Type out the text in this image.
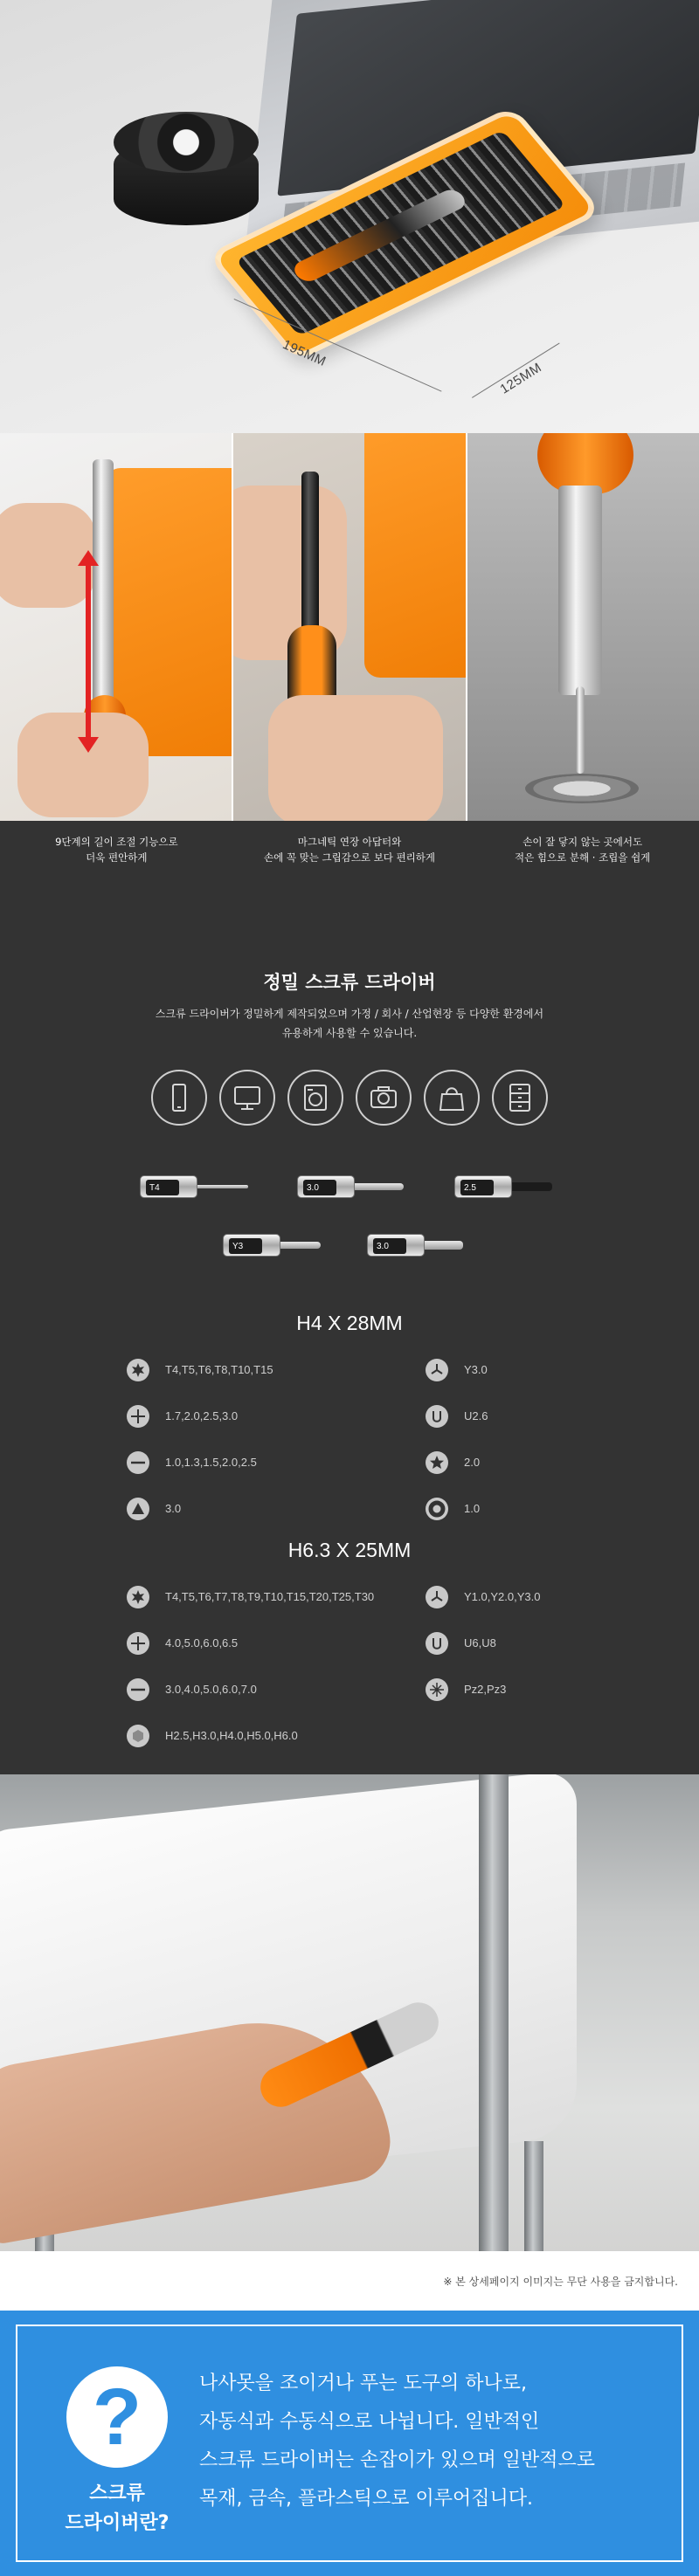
195MM
125MM
9단계의 길이 조절 기능으로
더욱 편안하게
마그네틱 연장 아답터와
손에 꼭 맞는 그립감으로 보다 편리하게
손이 잘 닿지 않는 곳에서도
적은 힘으로 분해 · 조립을 쉽게
정밀 스크류 드라이버
스크류 드라이버가 정밀하게 제작되었으며 가정 / 회사 / 산업현장 등 다양한 환경에서
유용하게 사용할 수 있습니다.
T4	3.0	2.5
Y3	3.0
H4 X 28MM
T4,T5,T6,T8,T10,T15	Y3.0
1.7,2.0,2.5,3.0	U2.6
1.0,1.3,1.5,2.0,2.5	2.0
3.0	1.0
H6.3 X 25MM
T4,T5,T6,T7,T8,T9,T10,T15,T20,T25,T30	Y1.0,Y2.0,Y3.0
4.0,5.0,6.0,6.5	U6,U8
3.0,4.0,5.0,6.0,7.0	Pz2,Pz3
H2.5,H3.0,H4.0,H5.0,H6.0
※ 본 상세페이지 이미지는 무단 사용을 금지합니다.
?
스크류
드라이버란?
나사못을 조이거나 푸는 도구의 하나로,
자동식과 수동식으로 나뉩니다. 일반적인
스크류 드라이버는 손잡이가 있으며 일반적으로
목재, 금속, 플라스틱으로 이루어집니다.
